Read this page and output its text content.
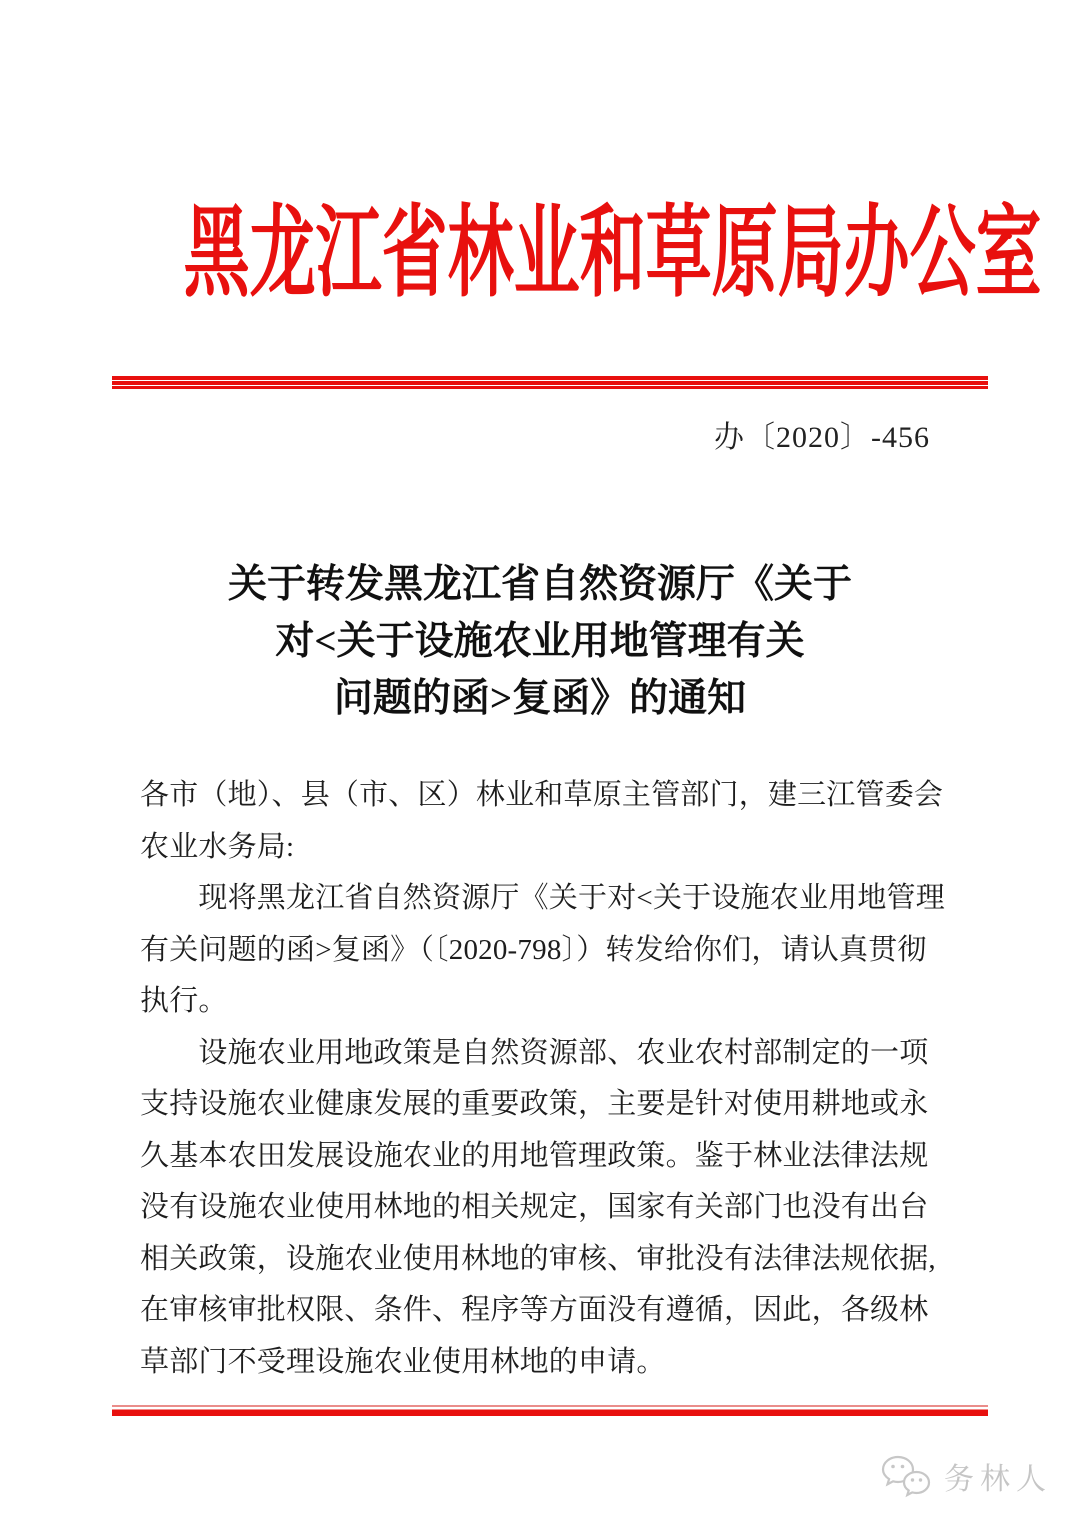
黑龙江省林业和草原局办公室
办〔2020〕-456
关于转发黑龙江省自然资源厅《关于
对<关于设施农业用地管理有关
问题的函>复函》的通知
各市（地）、县（市、区）林业和草原主管部门，建三江管委会
农业水务局:
　　现将黑龙江省自然资源厅《关于对<关于设施农业用地管理
有关问题的函>复函》（〔2020-798〕）转发给你们，请认真贯彻
执行。
　　设施农业用地政策是自然资源部、农业农村部制定的一项
支持设施农业健康发展的重要政策，主要是针对使用耕地或永
久基本农田发展设施农业的用地管理政策。鉴于林业法律法规
没有设施农业使用林地的相关规定，国家有关部门也没有出台
相关政策，设施农业使用林地的审核、审批没有法律法规依据,
在审核审批权限、条件、程序等方面没有遵循，因此，各级林
草部门不受理设施农业使用林地的申请。
务林人
